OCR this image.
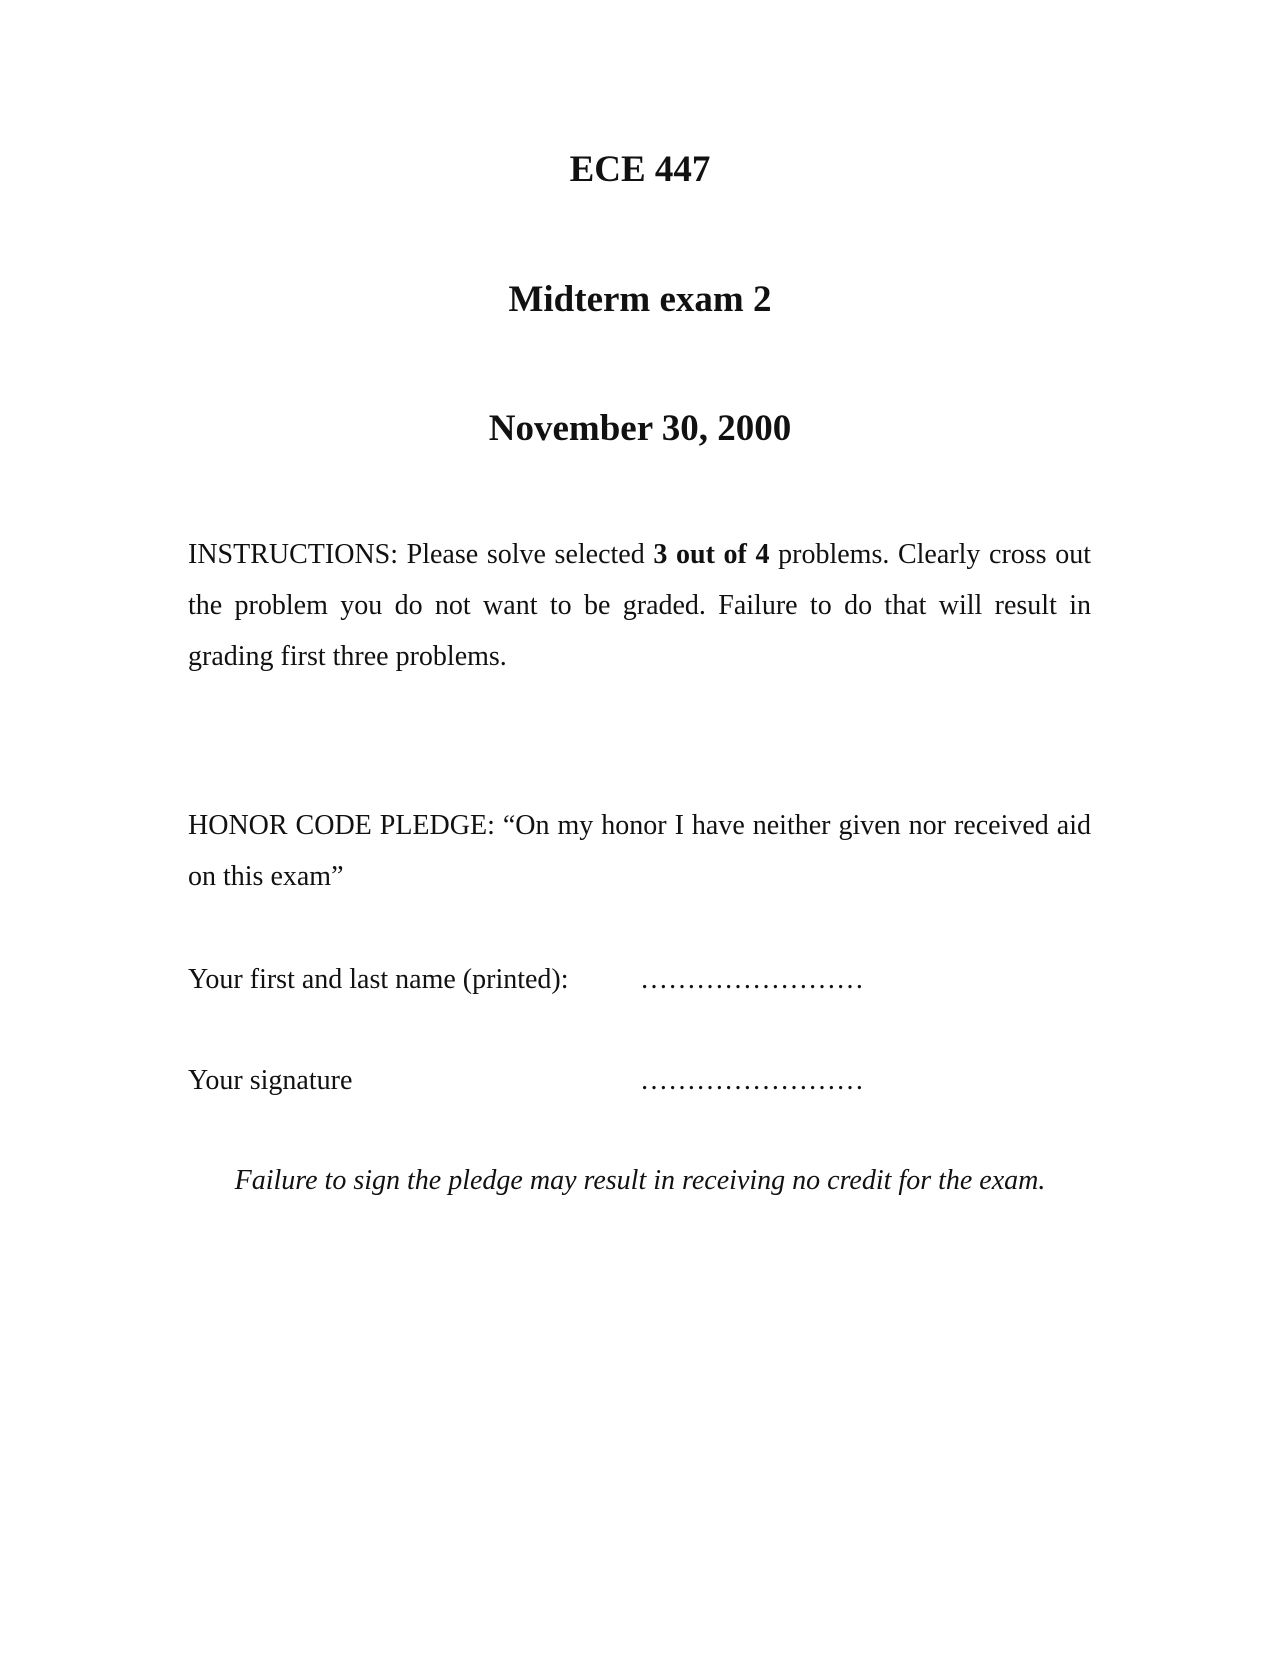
ECE 447
Midterm exam 2
November 30, 2000

INSTRUCTIONS: Please solve selected 3 out of 4 problems. Clearly cross out the problem you do not want to be graded. Failure to do that will result in grading first three problems.

HONOR CODE PLEDGE: “On my honor I have neither given nor received aid on this exam”

Your first and last name (printed):	……………………
Your signature	……………………

Failure to sign the pledge may result in receiving no credit for the exam.
